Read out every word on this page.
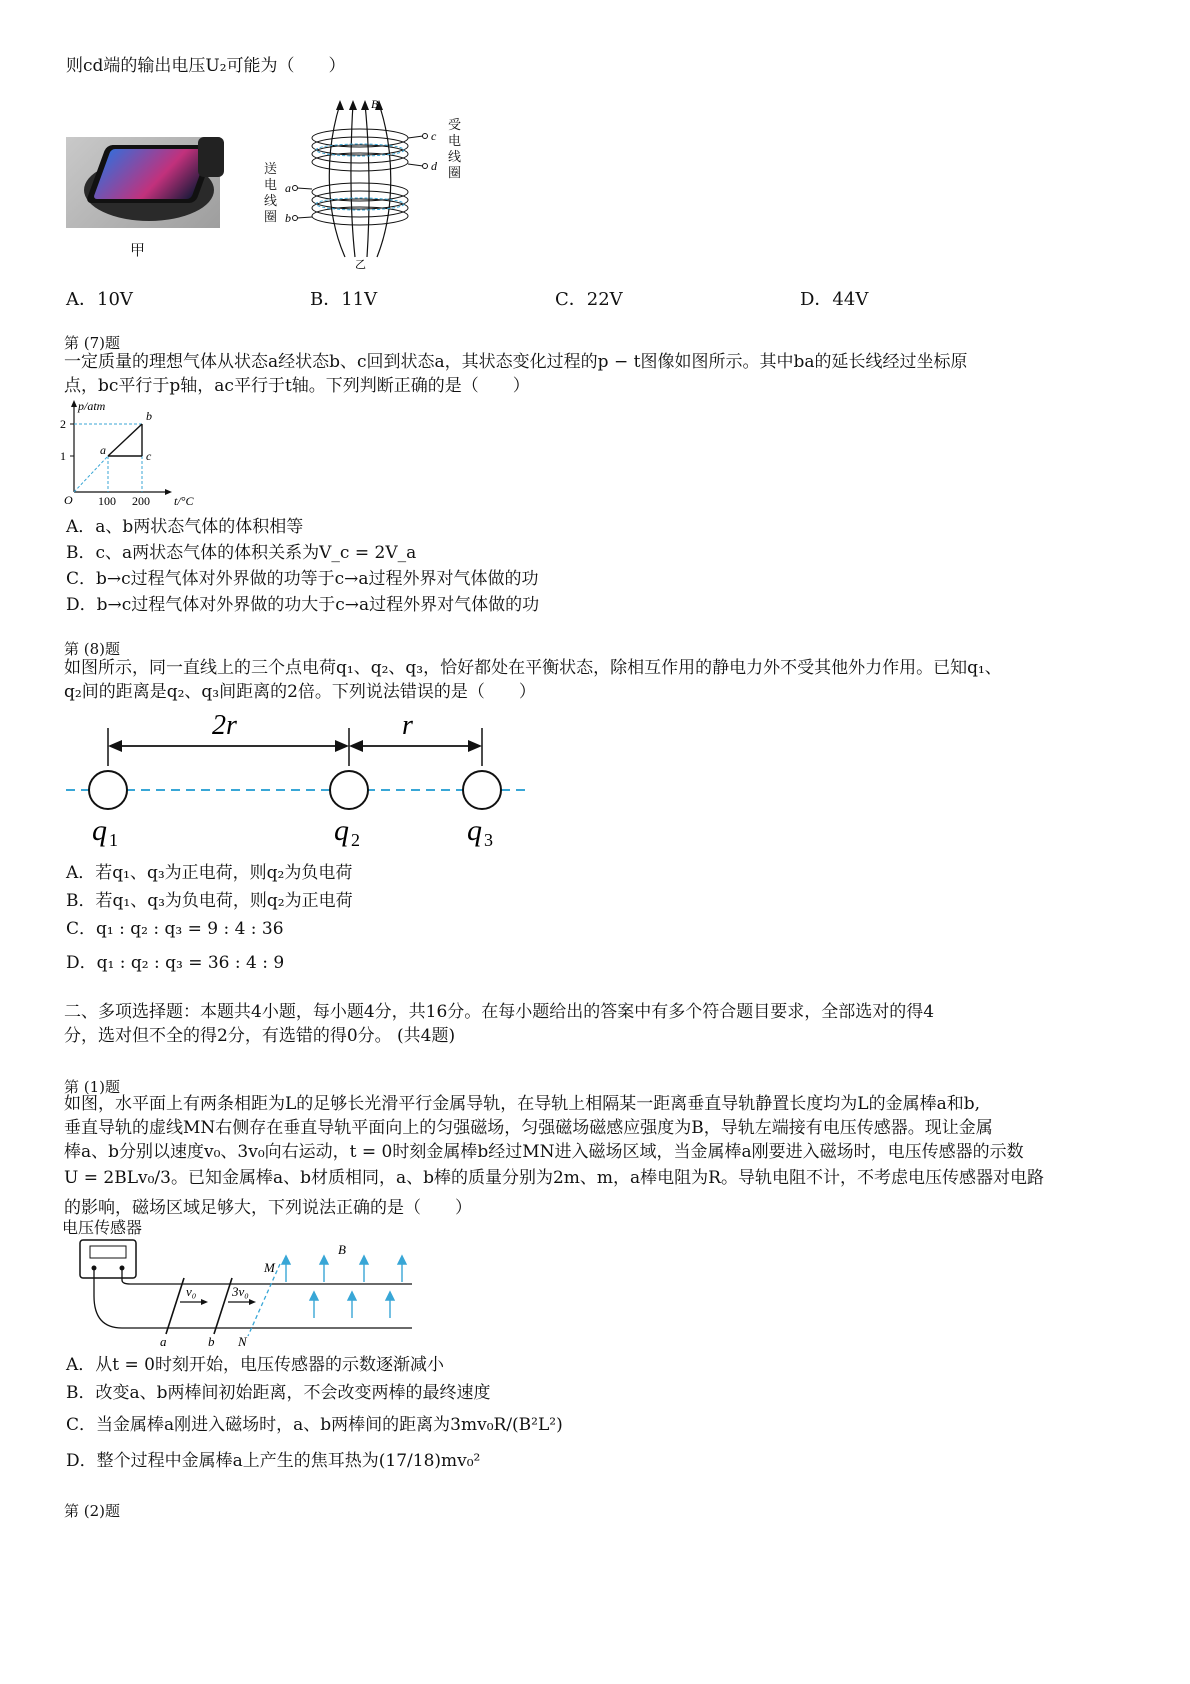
则cd端的输出电压U₂可能为（　　）
甲
B
c
d
a
b
乙
受电线圈
送电线圈
A．10V	B．11V	C．22V	D．44V
第 (7)题
一定质量的理想气体从状态a经状态b、c回到状态a，其状态变化过程的p − t图像如图所示。其中ba的延长线经过坐标原
点，bc平行于p轴，ac平行于t轴。下列判断正确的是（　　）
2
1
p/atm
O 100 200 t/°C
a
b
c
A．a、b两状态气体的体积相等
B．c、a两状态气体的体积关系为V_c = 2V_a
C．b→c过程气体对外界做的功等于c→a过程外界对气体做的功
D．b→c过程气体对外界做的功大于c→a过程外界对气体做的功
第 (8)题
如图所示，同一直线上的三个点电荷q₁、q₂、q₃，恰好都处在平衡状态，除相互作用的静电力外不受其他外力作用。已知q₁、
q₂间的距离是q₂、q₃间距离的2倍。下列说法错误的是（　　）
2r	r
q 1	q 2	q 3
A．若q₁、q₃为正电荷，则q₂为负电荷
B．若q₁、q₃为负电荷，则q₂为正电荷
C．q₁ : q₂ : q₃ = 9 : 4 : 36
D．q₁ : q₂ : q₃ = 36 : 4 : 9
二、多项选择题：本题共4小题，每小题4分，共16分。在每小题给出的答案中有多个符合题目要求，全部选对的得4
分，选对但不全的得2分，有选错的得0分。 (共4题)
第 (1)题
如图，水平面上有两条相距为L的足够长光滑平行金属导轨，在导轨上相隔某一距离垂直导轨静置长度均为L的金属棒a和b,
垂直导轨的虚线MN右侧存在垂直导轨平面向上的匀强磁场，匀强磁场磁感应强度为B，导轨左端接有电压传感器。现让金属
棒a、b分别以速度v₀、3v₀向右运动，t = 0时刻金属棒b经过MN进入磁场区域，当金属棒a刚要进入磁场时，电压传感器的示数
U = 2BLv₀/3。已知金属棒a、b材质相同，a、b棒的质量分别为2m、m，a棒电阻为R。导轨电阻不计，不考虑电压传感器对电路
的影响，磁场区域足够大，下列说法正确的是（　　）
电压传感器
a	b
v₀	3v₀
M
N
B
A．从t = 0时刻开始，电压传感器的示数逐渐减小
B．改变a、b两棒间初始距离，不会改变两棒的最终速度
C．当金属棒a刚进入磁场时，a、b两棒间的距离为3mv₀R/(B²L²)
D．整个过程中金属棒a上产生的焦耳热为(17/18)mv₀²
第 (2)题
